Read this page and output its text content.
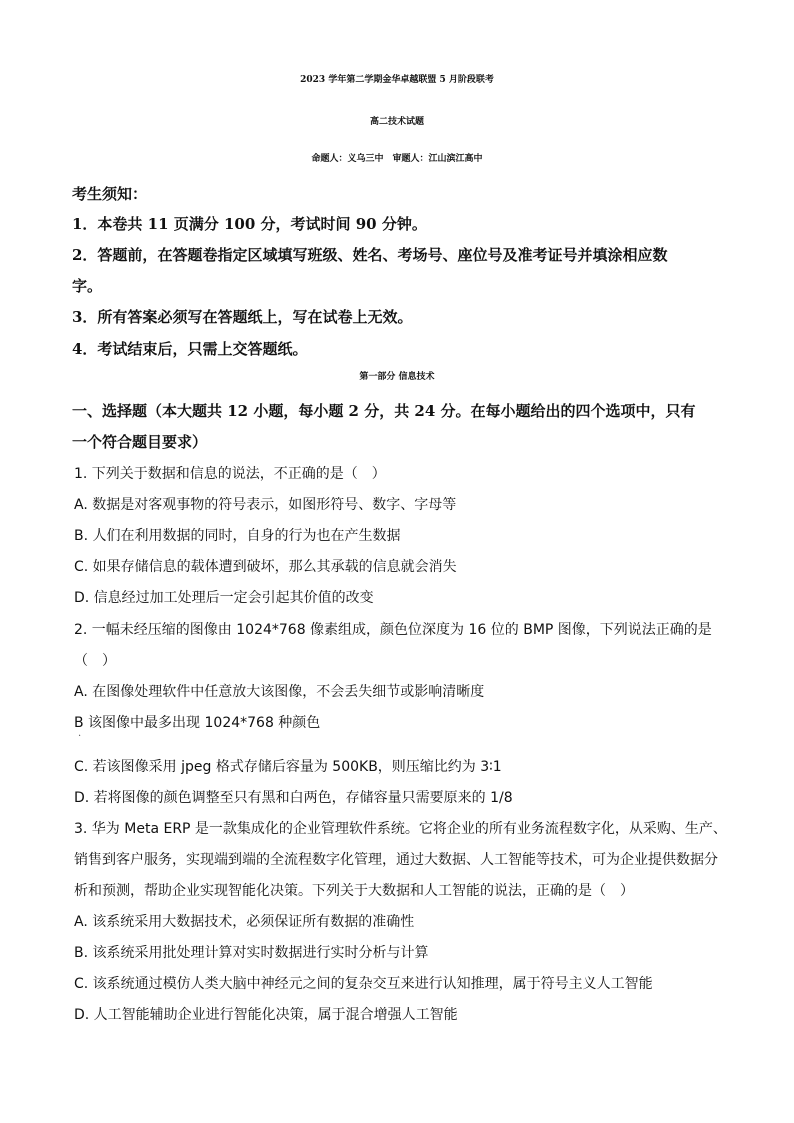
2023 学年第二学期金华卓越联盟 5 月阶段联考
高二技术试题
命题人：义乌三中　审题人：江山滨江高中
考生须知：
1．本卷共 11 页满分 100 分，考试时间 90 分钟。
2．答题前，在答题卷指定区域填写班级、姓名、考场号、座位号及准考证号并填涂相应数
字。
3．所有答案必须写在答题纸上，写在试卷上无效。
4．考试结束后，只需上交答题纸。
第一部分 信息技术
一、选择题（本大题共 12 小题，每小题 2 分，共 24 分。在每小题给出的四个选项中，只有
一个符合题目要求）
1. 下列关于数据和信息的说法，不正确的是（　）
A. 数据是对客观事物的符号表示，如图形符号、数字、字母等
B. 人们在利用数据的同时，自身的行为也在产生数据
C. 如果存储信息的载体遭到破坏，那么其承载的信息就会消失
D. 信息经过加工处理后一定会引起其价值的改变
2. 一幅未经压缩的图像由 1024*768 像素组成，颜色位深度为 16 位的 BMP 图像，下列说法正确的是
（　）
A. 在图像处理软件中任意放大该图像，不会丢失细节或影响清晰度
B 该图像中最多出现 1024*768 种颜色
.
C. 若该图像采用 jpeg 格式存储后容量为 500KB，则压缩比约为 3∶1
D. 若将图像的颜色调整至只有黑和白两色，存储容量只需要原来的 1/8
3. 华为 Meta ERP 是一款集成化的企业管理软件系统。它将企业的所有业务流程数字化，从采购、生产、
销售到客户服务，实现端到端的全流程数字化管理，通过大数据、人工智能等技术，可为企业提供数据分
析和预测，帮助企业实现智能化决策。下列关于大数据和人工智能的说法，正确的是（　）
A. 该系统采用大数据技术，必须保证所有数据的准确性
B. 该系统采用批处理计算对实时数据进行实时分析与计算
C. 该系统通过模仿人类大脑中神经元之间的复杂交互来进行认知推理，属于符号主义人工智能
D. 人工智能辅助企业进行智能化决策，属于混合增强人工智能
